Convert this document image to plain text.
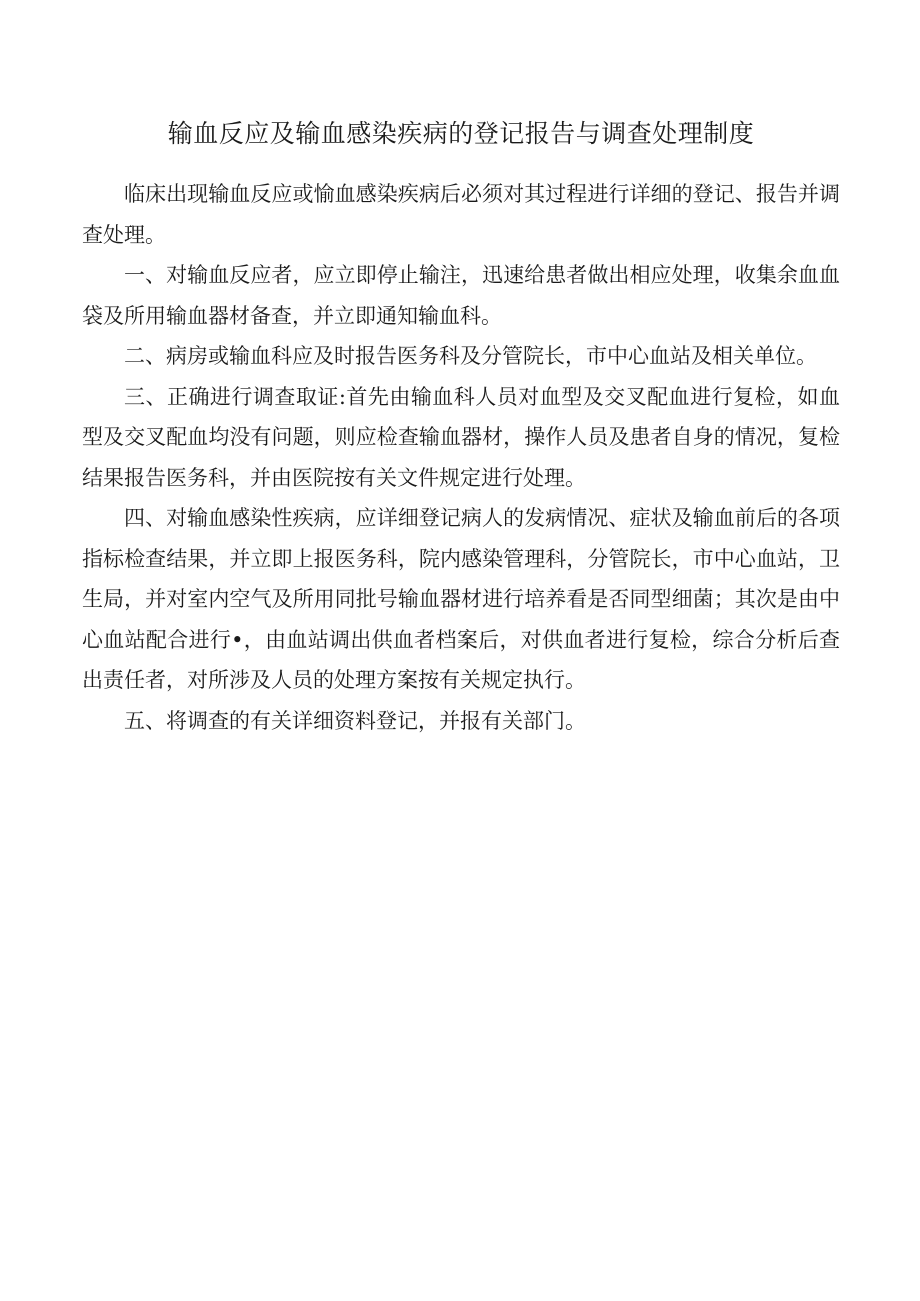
输血反应及输血感染疾病的登记报告与调查处理制度

临床出现输血反应或愉血感染疾病后必须对其过程进行详细的登记、报告并调查处理。

一、对输血反应者，应立即停止输注，迅速给患者做出相应处理，收集余血血袋及所用输血器材备查，并立即通知输血科。

二、病房或输血科应及时报告医务科及分管院长，市中心血站及相关单位。

三、正确进行调查取证:首先由输血科人员对血型及交叉配血进行复检，如血型及交叉配血均没有问题，则应检查输血器材，操作人员及患者自身的情况，复检结果报告医务科，并由医院按有关文件规定进行处理。

四、对输血感染性疾病，应详细登记病人的发病情况、症状及输血前后的各项指标检查结果，并立即上报医务科，院内感染管理科，分管院长，市中心血站，卫生局，并对室内空气及所用同批号输血器材进行培养看是否同型细菌；其次是由中心血站配合进行•，由血站调出供血者档案后，对供血者进行复检，综合分析后查出责任者，对所涉及人员的处理方案按有关规定执行。

五、将调查的有关详细资料登记，并报有关部门。
